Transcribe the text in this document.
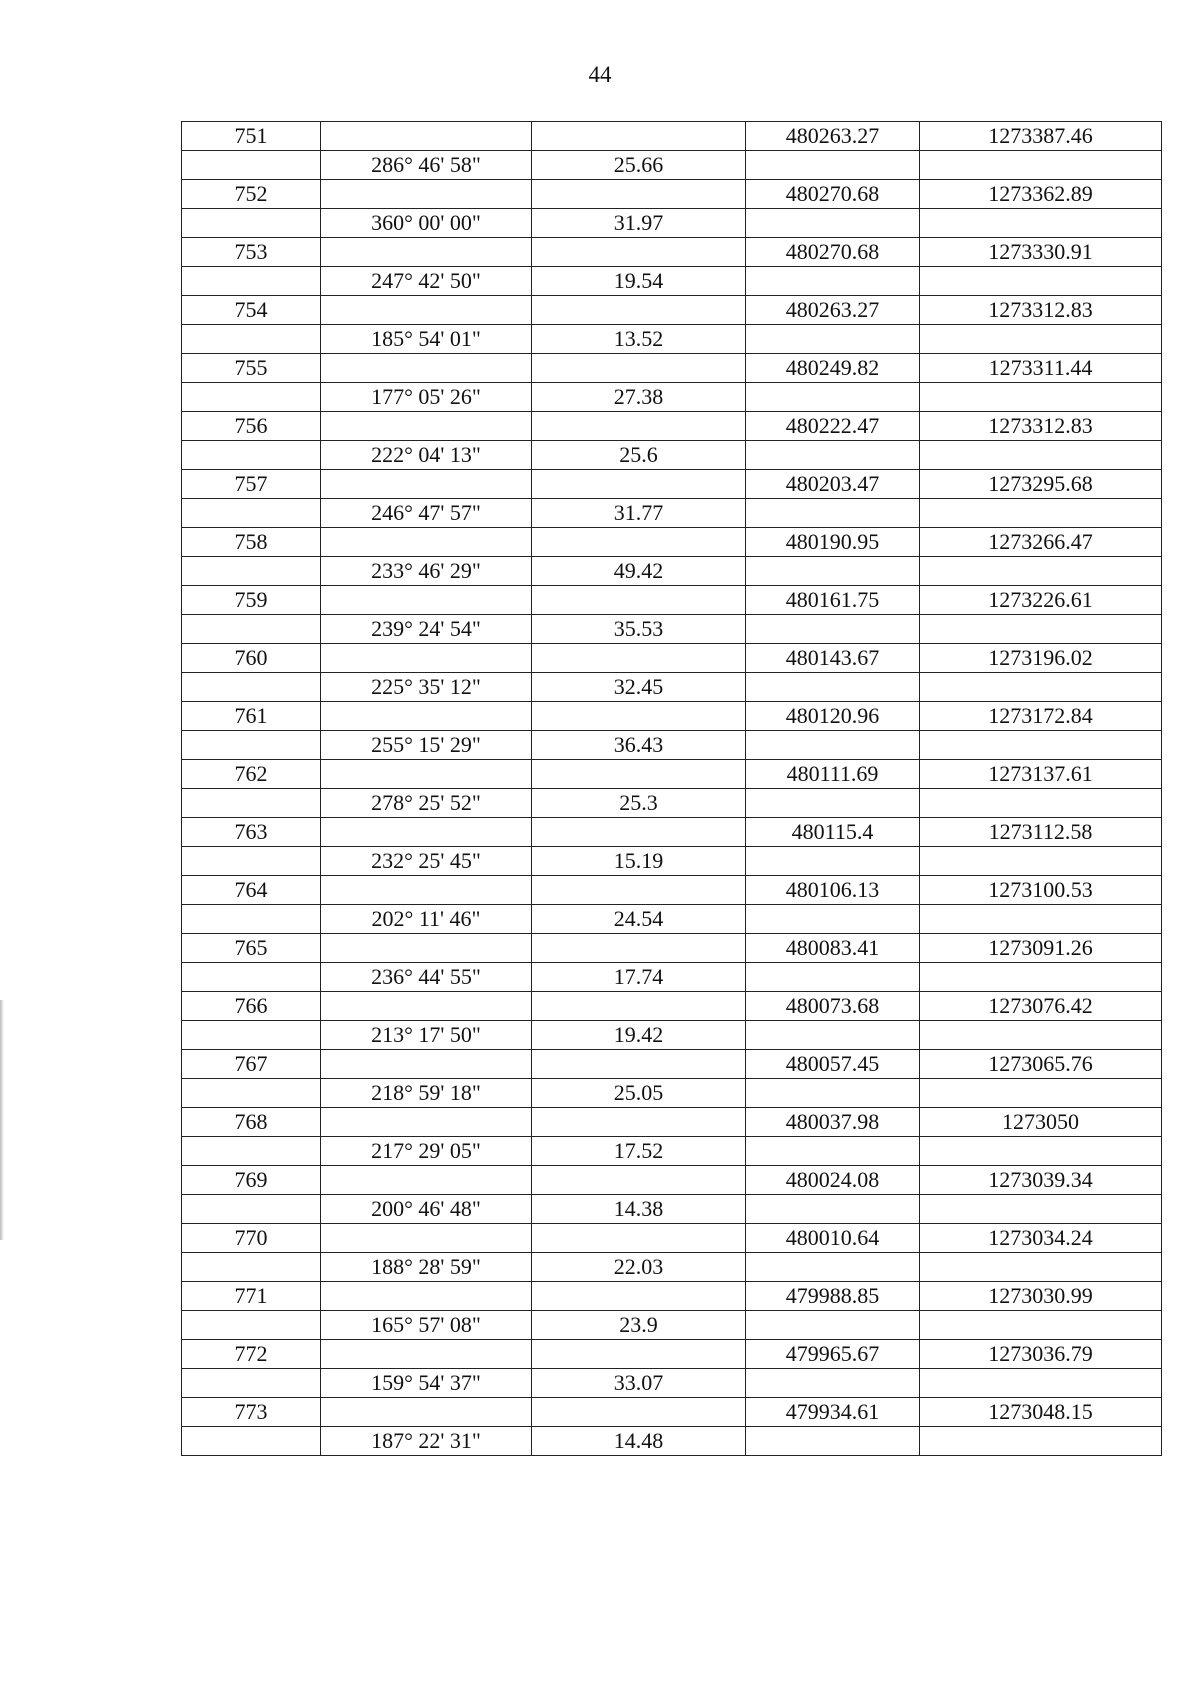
44
751			480263.27	1273387.46
	286° 46' 58"	25.66		
752			480270.68	1273362.89
	360° 00' 00"	31.97		
753			480270.68	1273330.91
	247° 42' 50"	19.54		
754			480263.27	1273312.83
	185° 54' 01"	13.52		
755			480249.82	1273311.44
	177° 05' 26"	27.38		
756			480222.47	1273312.83
	222° 04' 13"	25.6		
757			480203.47	1273295.68
	246° 47' 57"	31.77		
758			480190.95	1273266.47
	233° 46' 29"	49.42		
759			480161.75	1273226.61
	239° 24' 54"	35.53		
760			480143.67	1273196.02
	225° 35' 12"	32.45		
761			480120.96	1273172.84
	255° 15' 29"	36.43		
762			480111.69	1273137.61
	278° 25' 52"	25.3		
763			480115.4	1273112.58
	232° 25' 45"	15.19		
764			480106.13	1273100.53
	202° 11' 46"	24.54		
765			480083.41	1273091.26
	236° 44' 55"	17.74		
766			480073.68	1273076.42
	213° 17' 50"	19.42		
767			480057.45	1273065.76
	218° 59' 18"	25.05		
768			480037.98	1273050
	217° 29' 05"	17.52		
769			480024.08	1273039.34
	200° 46' 48"	14.38		
770			480010.64	1273034.24
	188° 28' 59"	22.03		
771			479988.85	1273030.99
	165° 57' 08"	23.9		
772			479965.67	1273036.79
	159° 54' 37"	33.07		
773			479934.61	1273048.15
	187° 22' 31"	14.48		
